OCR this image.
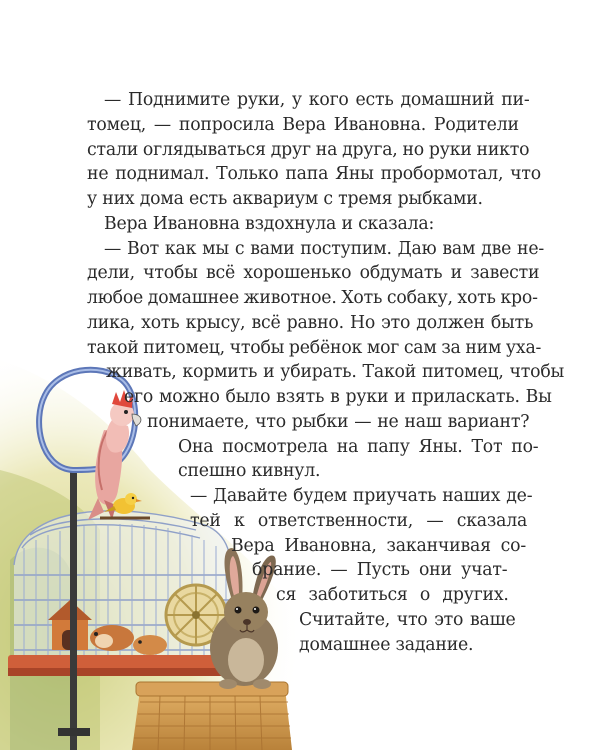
— Поднимите руки, у кого есть домашний пи-
томец, — попросила Вера Ивановна. Родители
стали оглядываться друг на друга, но руки никто
не поднимал. Только папа Яны пробормотал, что
у них дома есть аквариум с тремя рыбками.
Вера Ивановна вздохнула и сказала:
— Вот как мы с вами поступим. Даю вам две не-
дели, чтобы всё хорошенько обдумать и завести
любое домашнее животное. Хоть собаку, хоть кро-
лика, хоть крысу, всё равно. Но это должен быть
такой питомец, чтобы ребёнок мог сам за ним уха-
живать, кормить и убирать. Такой питомец, чтобы
его можно было взять в руки и приласкать. Вы
понимаете, что рыбки — не наш вариант?
Она посмотрела на папу Яны. Тот по-
спешно кивнул.
— Давайте будем приучать наших де-
тей к ответственности, — сказала
Вера Ивановна, заканчивая со-
брание. — Пусть они учат-
ся заботиться о других.
Считайте, что это ваше
домашнее задание.
